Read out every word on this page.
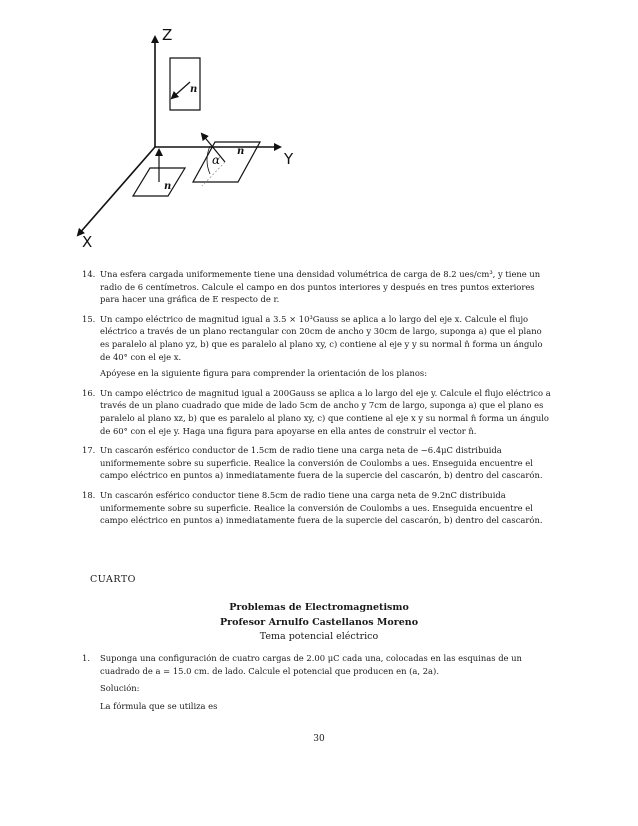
Z
Y
X
n
n
α
n
14. Una esfera cargada uniformemente tiene una densidad volumétrica de carga de 8.2 ues/cm³, y tiene un radio de 6 centímetros. Calcule el campo en dos puntos interiores y después en tres puntos exteriores para hacer una gráfica de E respecto de r.

15. Un campo eléctrico de magnitud igual a 3.5 × 10³Gauss se aplica a lo largo del eje x. Calcule el flujo eléctrico a través de un plano rectangular con 20cm de ancho y 30cm de largo, suponga a) que el plano es paralelo al plano yz, b) que es paralelo al plano xy, c) contiene al eje y y su normal n̂ forma un ángulo de 40° con el eje x.

Apóyese en la siguiente figura para comprender la orientación de los planos:

16. Un campo eléctrico de magnitud igual a 200Gauss se aplica a lo largo del eje y. Calcule el flujo eléctrico a través de un plano cuadrado que mide de lado 5cm de ancho y 7cm de largo, suponga a) que el plano es paralelo al plano xz, b) que es paralelo al plano xy, c) que contiene al eje x y su normal n̂ forma un ángulo de 60° con el eje y. Haga una figura para apoyarse en ella antes de construir el vector n̂.

17. Un cascarón esférico conductor de 1.5cm de radio tiene una carga neta de −6.4μC distribuida uniformemente sobre su superficie. Realice la conversión de Coulombs a ues. Enseguida encuentre el campo eléctrico en puntos a) inmediatamente fuera de la supercie del cascarón, b) dentro del cascarón.

18. Un cascarón esférico conductor tiene 8.5cm de radio tiene una carga neta de 9.2nC distribuida uniformemente sobre su superficie. Realice la conversión de Coulombs a ues. Enseguida encuentre el campo eléctrico en puntos a) inmediatamente fuera de la supercie del cascarón, b) dentro del cascarón.

CUARTO
Problemas de Electromagnetismo
Profesor Arnulfo Castellanos Moreno
Tema potencial eléctrico
1. Suponga una configuración de cuatro cargas de 2.00 μC cada una, colocadas en las esquinas de un cuadrado de a = 15.0 cm. de lado. Calcule el potencial que producen en (a, 2a).

Solución:

La fórmula que se utiliza es

30
